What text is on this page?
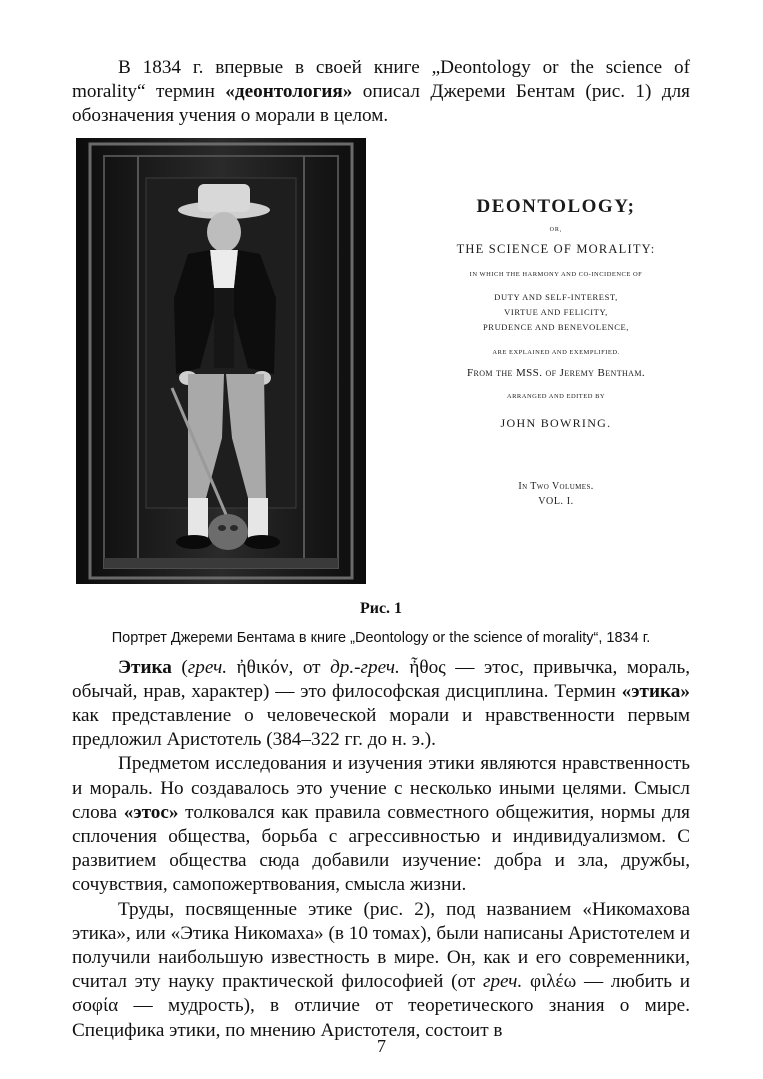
В 1834 г. впервые в своей книге „Deontology or the science of morality“ термин «деонтология» описал Джереми Бентам (рис. 1) для обозначения учения о морали в целом.

DEONTOLOGY;
OR,
THE SCIENCE OF MORALITY:
IN WHICH THE HARMONY AND CO-INCIDENCE OF
DUTY AND SELF-INTEREST,
VIRTUE AND FELICITY,
PRUDENCE AND BENEVOLENCE,
ARE EXPLAINED AND EXEMPLIFIED.
From the MSS. of Jeremy Bentham.
ARRANGED AND EDITED BY
JOHN BOWRING.
In Two Volumes.
VOL. I.
Рис. 1
Портрет Джереми Бентама в книге „Deontology or the science of morality“, 1834 г.

Этика (греч. ἠθικόν, от др.-греч. ἦθος — этос, привычка, мораль, обычай, нрав, характер) — это философская дисциплина. Термин «этика» как представление о человеческой морали и нравственности первым предложил Аристотель (384–322 гг. до н. э.).

Предметом исследования и изучения этики являются нравственность и мораль. Но создавалось это учение с несколько иными целями. Смысл слова «этос» толковался как правила совместного общежития, нормы для сплочения общества, борьба с агрессивностью и индивидуализмом. С развитием общества сюда добавили изучение: добра и зла, дружбы, сочувствия, самопожертвования, смысла жизни.

Труды, посвященные этике (рис. 2), под названием «Никомахова этика», или «Этика Никомаха» (в 10 томах), были написаны Аристотелем и получили наибольшую известность в мире. Он, как и его современники, считал эту науку практической философией (от греч. φιλέω — любить и σοφία — мудрость), в отличие от теоретического знания о мире. Специфика этики, по мнению Аристотеля, состоит в

7
